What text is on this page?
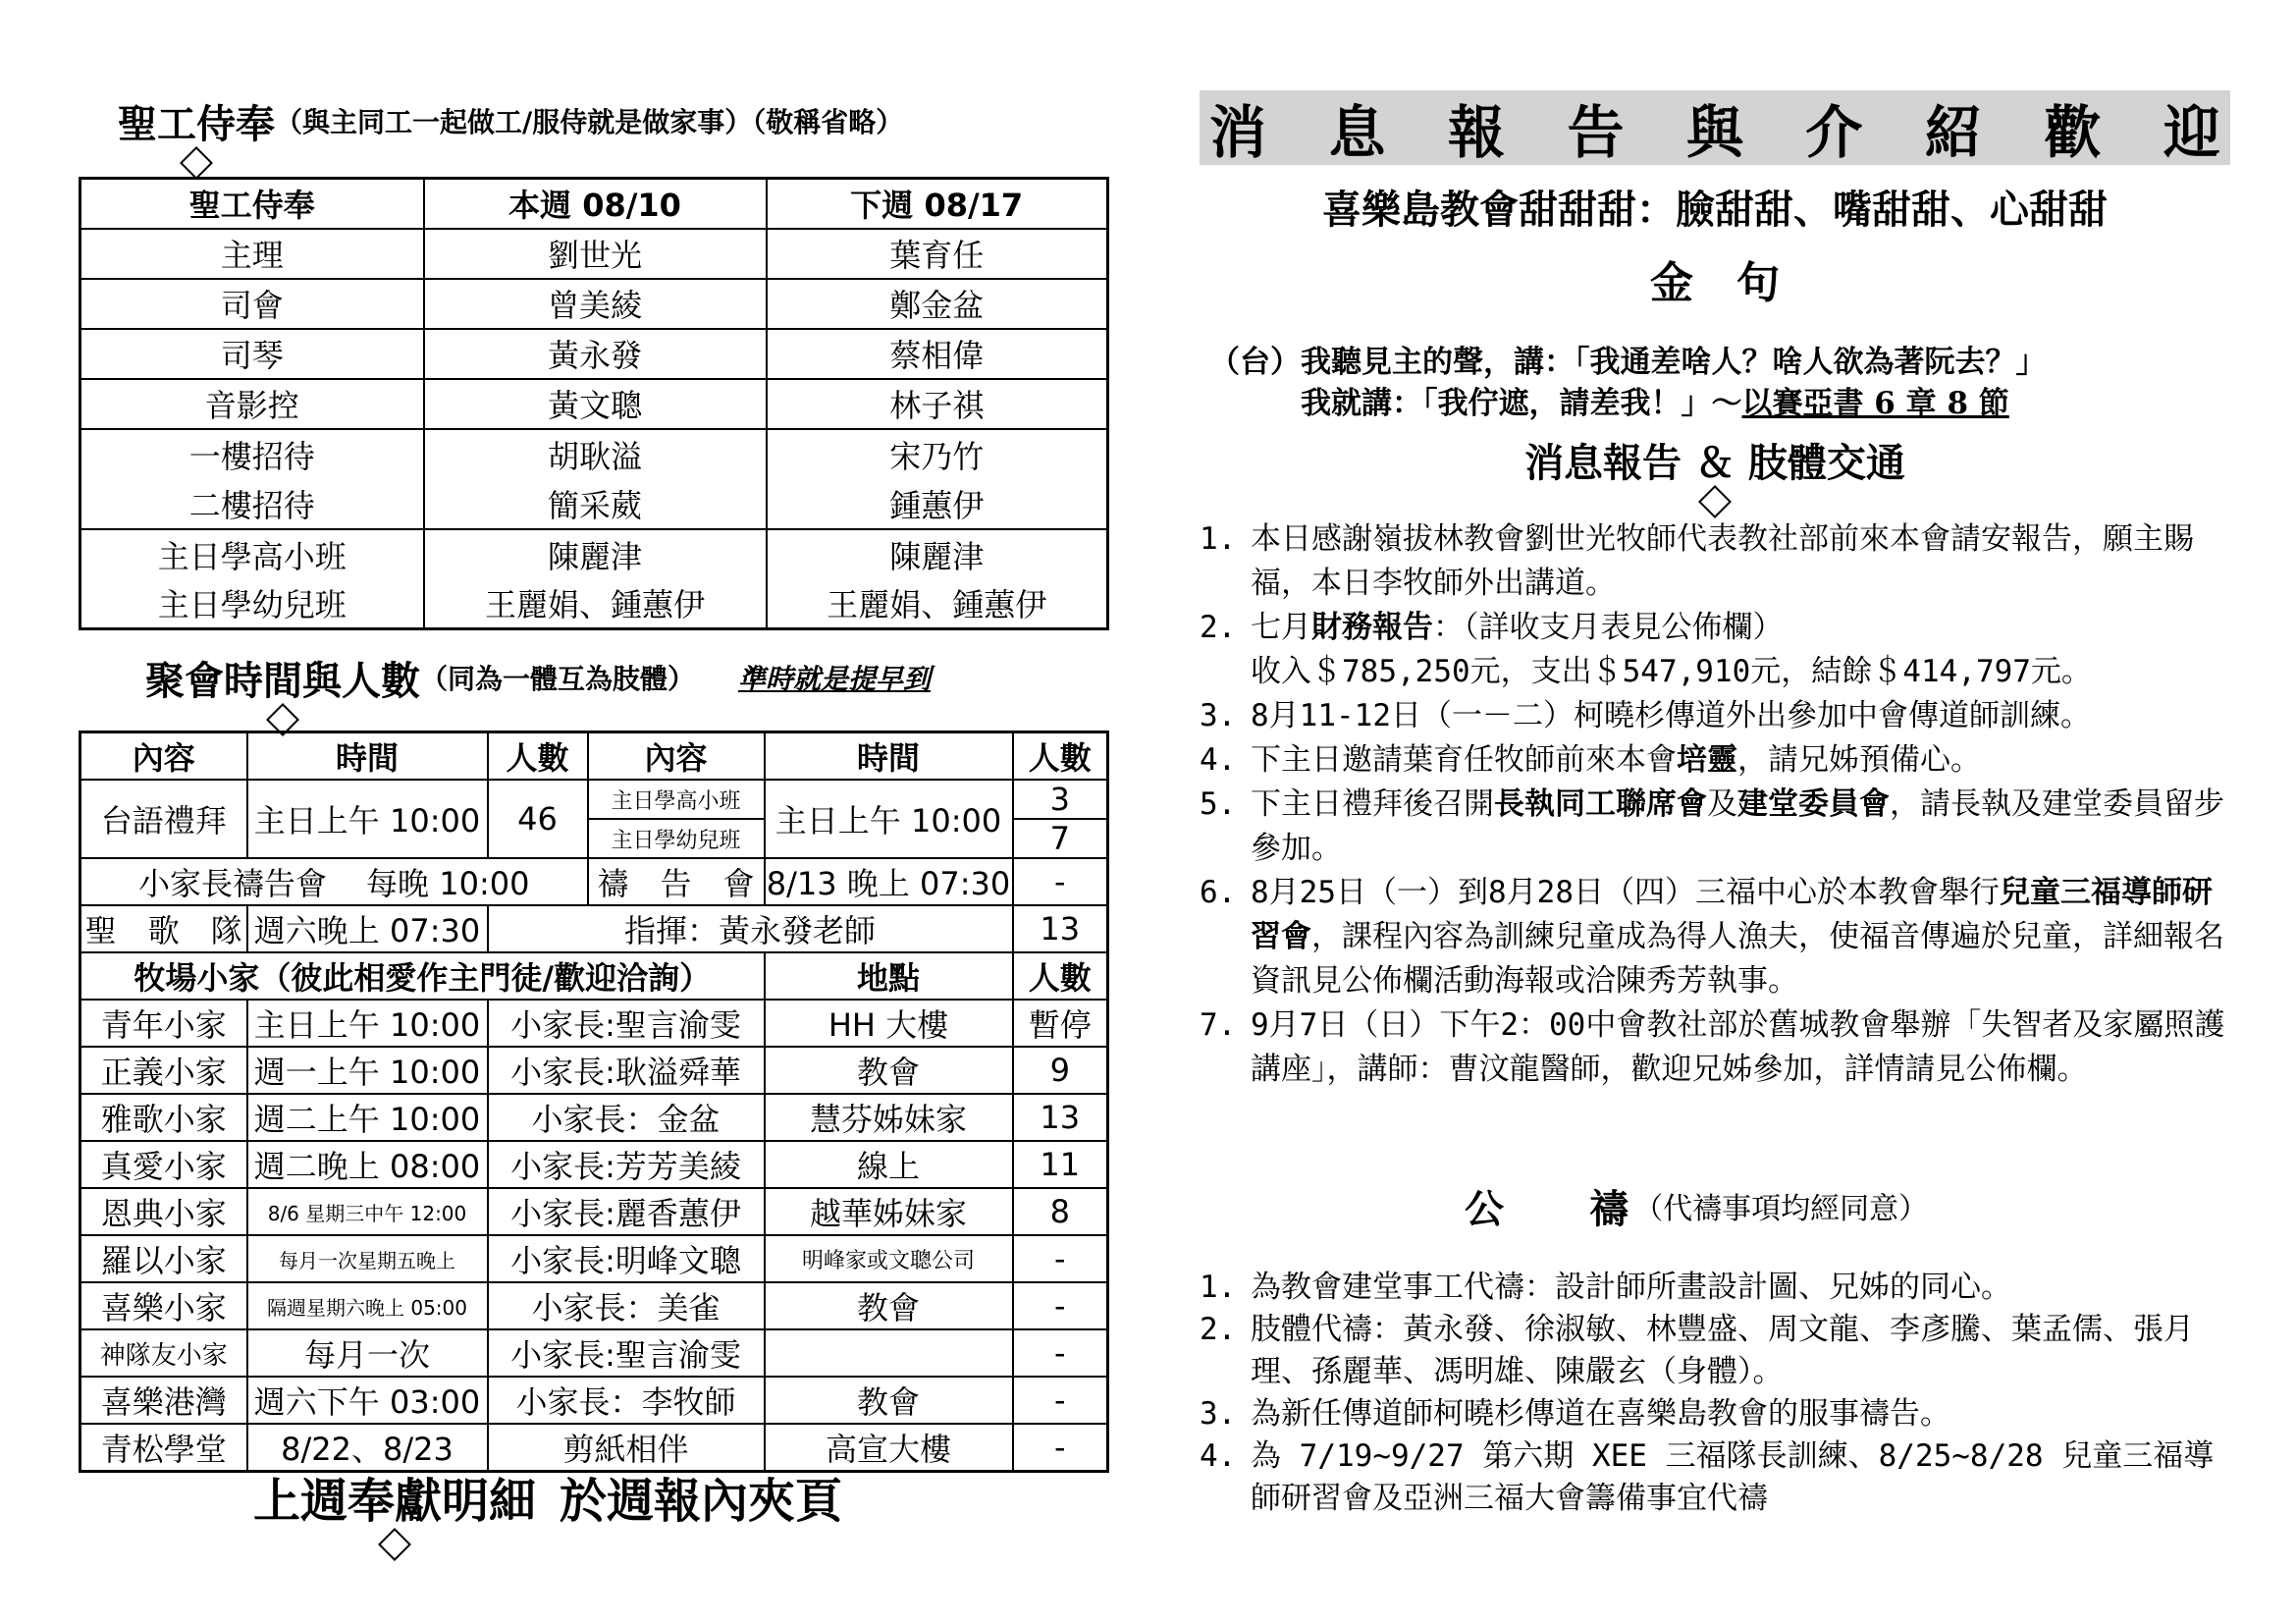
聖工侍奉（與主同工一起做工/服侍就是做家事）（敬稱省略）
聖工侍奉	本週 08/10	下週 08/17
主理	劉世光	葉育任
司會	曾美綾	鄭金盆
司琴	黃永發	蔡相偉
音影控	黃文聰	林子祺
一樓招待	胡耿溢	宋乃竹
二樓招待	簡采葳	鍾蕙伊
主日學高小班	陳麗津	陳麗津
主日學幼兒班	王麗娟、鍾蕙伊	王麗娟、鍾蕙伊
聚會時間與人數（同為一體互為肢體） 準時就是提早到
內容	時間	人數	內容	時間	人數
台語禮拜	主日上午 10:00	46	主日學高小班	主日上午 10:00	3
			主日學幼兒班		7
小家長禱告會 每晚 10:00			禱　告　會	8/13 晚上 07:30	-
聖　歌　隊	週六晚上 07:30	指揮：黃永發老師			13
牧場小家（彼此相愛作主門徒/歡迎洽詢）				地點	人數
青年小家	主日上午 10:00	小家長:聖言渝雯		HH 大樓	暫停
正義小家	週一上午 10:00	小家長:耿溢舜華		教會	9
雅歌小家	週二上午 10:00	小家長：金盆		慧芬姊妹家	13
真愛小家	週二晚上 08:00	小家長:芳芳美綾		線上	11
恩典小家	8/6 星期三中午 12:00	小家長:麗香蕙伊		越華姊妹家	8
羅以小家	每月一次星期五晚上	小家長:明峰文聰		明峰家或文聰公司	-
喜樂小家	隔週星期六晚上 05:00	小家長：美雀		教會	-
神隊友小家	每月一次	小家長:聖言渝雯			-
喜樂港灣	週六下午 03:00	小家長：李牧師		教會	-
青松學堂	8/22、8/23	剪紙相伴		高宣大樓	-
上週奉獻明細 於週報內夾頁
消 息 報 告 與 介 紹 歡 迎
喜樂島教會甜甜甜：臉甜甜、嘴甜甜、心甜甜
金　句
（台）我聽見主的聲，講：「我通差啥人？啥人欲為著阮去？」
我就講：「我佇遮，請差我！」～以賽亞書 6 章 8 節
消息報告 ＆ 肢體交通
1. 本日感謝嶺拔林教會劉世光牧師代表教社部前來本會請安報告，願主賜福，本日李牧師外出講道。
2. 七月財務報告：（詳收支月表見公佈欄）
收入＄785,250元，支出＄547,910元，結餘＄414,797元。
3. 8月11-12日（一－二）柯曉杉傳道外出參加中會傳道師訓練。
4. 下主日邀請葉育任牧師前來本會培靈，請兄姊預備心。
5. 下主日禮拜後召開長執同工聯席會及建堂委員會，請長執及建堂委員留步參加。
6. 8月25日（一）到8月28日（四）三福中心於本教會舉行兒童三福導師研習會，課程內容為訓練兒童成為得人漁夫，使福音傳遍於兒童，詳細報名資訊見公佈欄活動海報或洽陳秀芳執事。
7. 9月7日（日）下午2：00中會教社部於舊城教會舉辦「失智者及家屬照護講座」，講師：曹汶龍醫師，歡迎兄姊參加，詳情請見公佈欄。
公 禱 （代禱事項均經同意）
1. 為教會建堂事工代禱：設計師所畫設計圖、兄姊的同心。
2. 肢體代禱：黃永發、徐淑敏、林豐盛、周文龍、李彥騰、葉孟儒、張月理、孫麗華、馮明雄、陳嚴玄（身體）。
3. 為新任傳道師柯曉杉傳道在喜樂島教會的服事禱告。
4. 為 7/19~9/27 第六期 XEE 三福隊長訓練、8/25~8/28 兒童三福導師研習會及亞洲三福大會籌備事宜代禱
